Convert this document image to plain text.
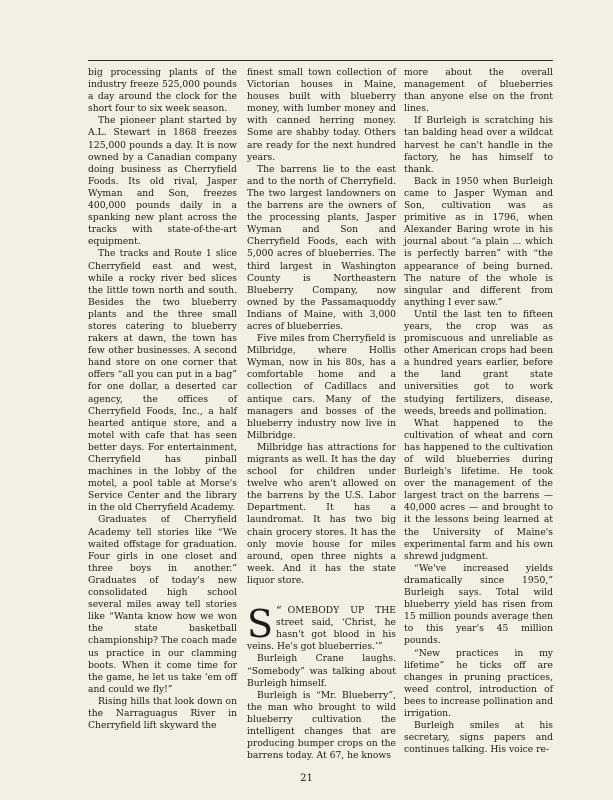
big processing plants of the industry freeze 525,000 pounds a day around the clock for the short four to six week season.

The pioneer plant started by A.L. Stewart in 1868 freezes 125,000 pounds a day. It is now owned by a Canadian company doing business as Cherryfield Foods. Its old rival, Jasper Wyman and Son, freezes 400,000 pounds daily in a spanking new plant across the tracks with state-of-the-art equipment.

The tracks and Route 1 slice Cherryfield east and west, while a rocky river bed slices the little town north and south. Besides the two blueberry plants and the three small stores catering to blueberry rakers at dawn, the town has few other businesses. A second hand store on one corner that offers “all you can put in a bag” for one dollar, a deserted car agency, the offices of Cherryfield Foods, Inc., a half hearted antique store, and a motel with cafe that has seen better days. For entertainment, Cherryfield has pinball machines in the lobby of the motel, a pool table at Morse's Service Center and the library in the old Cherryfield Academy.

Graduates of Cherryfield Academy tell stories like “We waited offstage for graduation. Four girls in one closet and three boys in another.” Graduates of today's new consolidated high school several miles away tell stories like “Wanta know how we won the state basketball championship? The coach made us practice in our clamming boots. When it come time for the game, he let us take 'em off and could we fly!”

Rising hills that look down on the Narraguagus River in Cherryfield lift skyward the

finest small town collection of Victorian houses in Maine, houses built with blueberry money, with lumber money and with canned herring money. Some are shabby today. Others are ready for the next hundred years.

The barrens lie to the east and to the north of Cherryfield. The two largest landowners on the barrens are the owners of the processing plants, Jasper Wyman and Son and Cherryfield Foods, each with 5,000 acres of blueberries. The third largest in Washington County is Northeastern Blueberry Company, now owned by the Passamaquoddy Indians of Maine, with 3,000 acres of blueberries.

Five miles from Cherryfield is Milbridge, where Hollis Wyman, now in his 80s, has a comfortable home and a collection of Cadillacs and antique cars. Many of the managers and bosses of the blueberry industry now live in Milbridge.

Milbridge has attractions for migrants as well. It has the day school for children under twelve who aren't allowed on the barrens by the U.S. Labor Department. It has a laundromat. It has two big chain grocery stores. It has the only movie house for miles around, open three nights a week. And it has the state liquor store.

“
S OMEBODY UP THE street said, ‘Christ, he hasn't got blood in his veins. He's got blueberries.’”

Burleigh Crane laughs. “Somebody” was talking about Burleigh himself.

Burleigh is “Mr. Blueberry”, the man who brought to wild blueberry cultivation the intelligent changes that are producing bumper crops on the barrens today. At 67, he knows

more about the overall management of blueberries than anyone else on the front lines.

If Burleigh is scratching his tan balding head over a wildcat harvest he can't handle in the factory, he has himself to thank.

Back in 1950 when Burleigh came to Jasper Wyman and Son, cultivation was as primitive as in 1796, when Alexander Baring wrote in his journal about “a plain ... which is perfectly barren” with “the appearance of being burned. The nature of the whole is singular and different from anything I ever saw.”

Until the last ten to fifteen years, the crop was as promiscuous and unreliable as other American crops had been a hundred years earlier, before the land grant state universities got to work studying fertilizers, disease, weeds, breeds and pollination.

What happened to the cultivation of wheat and corn has happened to the cultivation of wild blueberries during Burleigh's lifetime. He took over the management of the largest tract on the barrens — 40,000 acres — and brought to it the lessons being learned at the University of Maine's experimental farm and his own shrewd judgment.

“We've increased yields dramatically since 1950,” Burleigh says. Total wild blueberry yield has risen from 15 million pounds average then to this year's 45 million pounds.

“New practices in my lifetime” he ticks off are changes in pruning practices, weed control, introduction of bees to increase pollination and irrigation.

Burleigh smiles at his secretary, signs papers and continues talking. His voice re-

21
